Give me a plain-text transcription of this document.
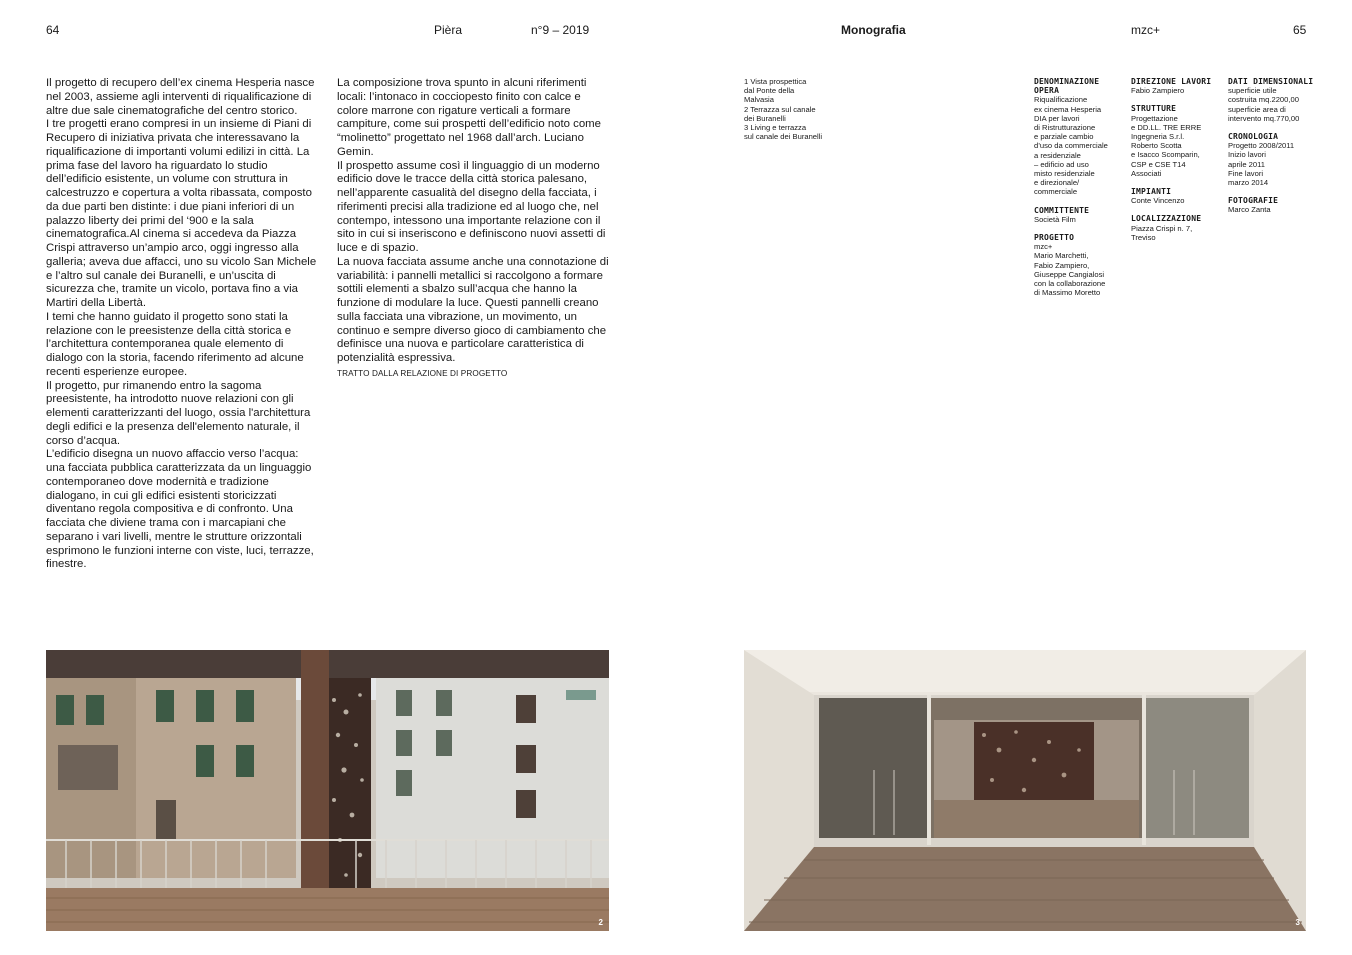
64	Pièra	n°9 – 2019	Monografia	mzc+	65

Il progetto di recupero dell’ex cinema Hesperia nasce nel 2003, assieme agli interventi di riqualificazione di altre due sale cinematografiche del centro storico.

I tre progetti erano compresi in un insieme di Piani di Recupero di iniziativa privata che interessavano la riqualificazione di importanti volumi edilizi in città. La prima fase del lavoro ha riguardato lo studio dell’edificio esistente, un volume con struttura in calcestruzzo e copertura a volta ribassata, composto da due parti ben distinte: i due piani inferiori di un palazzo liberty dei primi del ‘900 e la sala cinematografica.Al cinema si accedeva da Piazza Crispi attraverso un’ampio arco, oggi ingresso alla galleria; aveva due affacci, uno su vicolo San Michele e l’altro sul canale dei Buranelli, e un’uscita di sicurezza che, tramite un vicolo, portava fino a via Martiri della Libertà.

I temi che hanno guidato il progetto sono stati la relazione con le preesistenze della città storica e l’architettura contemporanea quale elemento di dialogo con la storia, facendo riferimento ad alcune recenti esperienze europee.

Il progetto, pur rimanendo entro la sagoma preesistente, ha introdotto nuove relazioni con gli elementi caratterizzanti del luogo, ossia l'architettura degli edifici e la presenza dell'elemento naturale, il corso d’acqua.

L’edificio disegna un nuovo affaccio verso l’acqua: una facciata pubblica caratterizzata da un linguaggio contemporaneo dove modernità e tradizione dialogano, in cui gli edifici esistenti storicizzati diventano regola compositiva e di confronto. Una facciata che diviene trama con i marcapiani che separano i vari livelli, mentre le strutture orizzontali esprimono le funzioni interne con viste, luci, terrazze, finestre.

La composizione trova spunto in alcuni riferimenti locali: l’intonaco in cocciopesto finito con calce e colore marrone con rigature verticali a formare campiture, come sui prospetti dell’edificio noto come “molinetto” progettato nel 1968 dall’arch. Luciano Gemin.

Il prospetto assume così il linguaggio di un moderno edificio dove le tracce della città storica palesano, nell’apparente casualità del disegno della facciata, i riferimenti precisi alla tradizione ed al luogo che, nel contempo, intessono una importante relazione con il sito in cui si inseriscono e definiscono nuovi assetti di luce e di spazio.

La nuova facciata assume anche una connotazione di variabilità: i pannelli metallici si raccolgono a formare sottili elementi a sbalzo sull’acqua che hanno la funzione di modulare la luce. Questi pannelli creano sulla facciata una vibrazione, un movimento, un continuo e sempre diverso gioco di cambiamento che definisce una nuova e particolare caratteristica di potenzialità espressiva.

TRATTO DALLA RELAZIONE DI PROGETTO
1 Vista prospettica
dal Ponte della
Malvasia
2 Terrazza sul canale
dei Buranelli
3 Living e terrazza
sul canale dei Buranelli
DENOMINAZIONE OPERA
Riqualificazione
ex cinema Hesperia
DIA per lavori
di Ristrutturazione
e parziale cambio
d’uso da commerciale
a residenziale
– edificio ad uso
misto residenziale
e direzionale/
commerciale
COMMITTENTE
Società Film
PROGETTO
mzc+
Mario Marchetti,
Fabio Zampiero,
Giuseppe Cangialosi
con la collaborazione
di Massimo Moretto
DIREZIONE LAVORI
Fabio Zampiero
STRUTTURE
Progettazione
e DD.LL. TRE ERRE
Ingegneria S.r.l.
Roberto Scotta
e Isacco Scomparin,
CSP e CSE T14
Associati
IMPIANTI
Conte Vincenzo
LOCALIZZAZIONE
Piazza Crispi n. 7,
Treviso
DATI DIMENSIONALI
superficie utile
costruita mq.2200,00
superficie area di
intervento mq.770,00
CRONOLOGIA
Progetto 2008/2011
Inizio lavori
aprile 2011
Fine lavori
marzo 2014
FOTOGRAFIE
Marco Zanta
2	3
